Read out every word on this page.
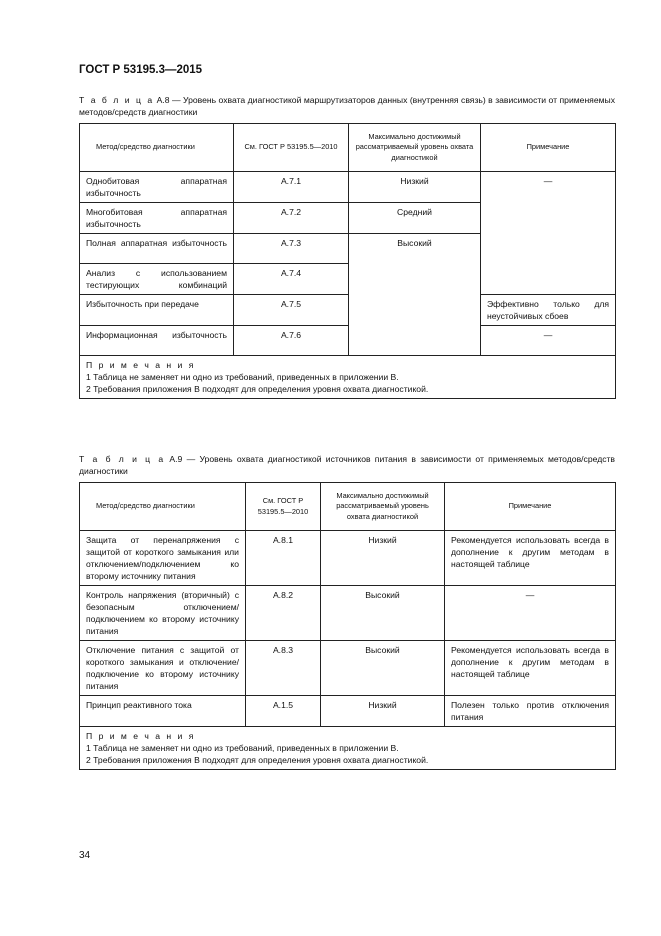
ГОСТ Р 53195.3—2015
Т а б л и ц а A.8 — Уровень охвата диагностикой маршрутизаторов данных (внутренняя связь) в зависимости от применяемых методов/средств диагностики
Метод/средство диагностики	См. ГОСТ Р 53195.5—2010	Максимально достижимый рассматриваемый уровень охвата диагностикой	Примечание
Однобитовая аппаратная избыточность	A.7.1	Низкий	—
Многобитовая аппаратная избыточность	A.7.2	Средний	
Полная аппаратная избыточность	A.7.3	Высокий	
Анализ с использованием тестирующих комбинаций	A.7.4		
Избыточность при передаче	A.7.5		Эффективно только для неустойчивых сбоев
Информационная избыточность	A.7.6		—

П р и м е ч а н и я
1 Таблица не заменяет ни одно из требований, приведенных в приложении B.
2 Требования приложения В подходят для определения уровня охвата диагностикой.			
Т а б л и ц а A.9 — Уровень охвата диагностикой источников питания в зависимости от применяемых методов/средств диагностики
Метод/средство диагностики	См. ГОСТ Р 53195.5—2010	Максимально достижимый рассматриваемый уровень охвата диагностикой	Примечание
Защита от перенапряжения с защитой от короткого замыкания или отключением/подключением ко второму источнику питания	A.8.1	Низкий	Рекомендуется использовать всегда в дополнение к другим методам в настоящей таблице
Контроль напряжения (вторичный) с безопасным отключением/подключением ко второму источнику питания	A.8.2	Высокий	—
Отключение питания с защитой от короткого замыкания и отключение/подключение ко второму источнику питания	A.8.3	Высокий	Рекомендуется использовать всегда в дополнение к другим методам в настоящей таблице
Принцип реактивного тока	A.1.5	Низкий	Полезен только против отключения питания

П р и м е ч а н и я
1 Таблица не заменяет ни одно из требований, приведенных в приложении B.
2 Требования приложения В подходят для определения уровня охвата диагностикой.			
34
